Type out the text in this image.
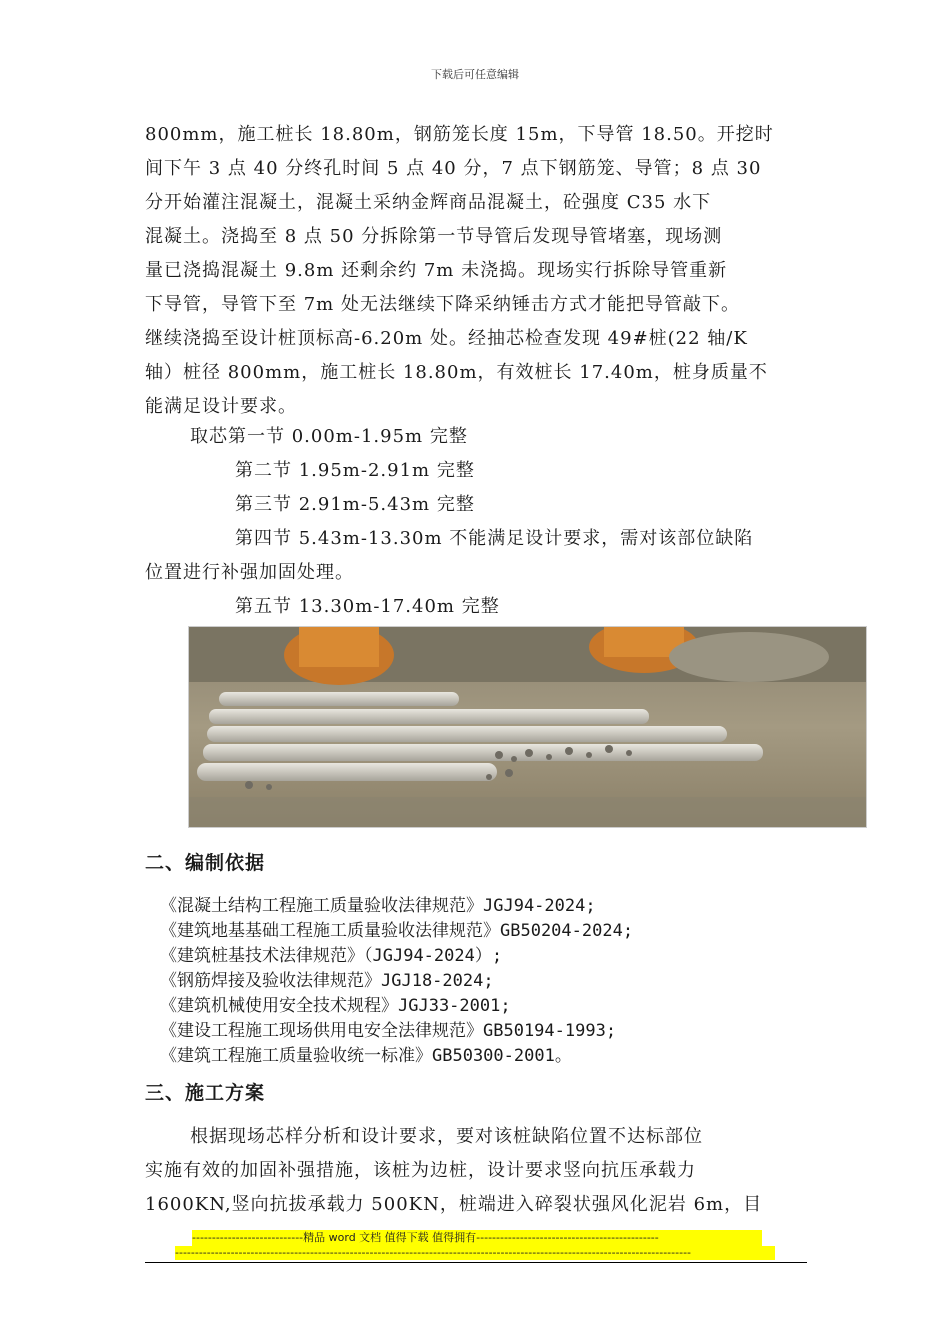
下载后可任意编辑
800mm，施工桩长 18.80m，钢筋笼长度 15m，下导管 18.50。开挖时
间下午 3 点 40 分终孔时间 5 点 40 分，7 点下钢筋笼、导管；8 点 30
分开始灌注混凝土，混凝土采纳金辉商品混凝土，砼强度 C35 水下
混凝土。浇捣至 8 点 50 分拆除第一节导管后发现导管堵塞，现场测
量已浇捣混凝土 9.8m 还剩余约 7m 未浇捣。现场实行拆除导管重新
下导管，导管下至 7m 处无法继续下降采纳锤击方式才能把导管敲下。
继续浇捣至设计桩顶标高-6.20m 处。经抽芯检查发现 49#桩(22 轴/K
轴）桩径 800mm，施工桩长 18.80m，有效桩长 17.40m，桩身质量不
能满足设计要求。
取芯第一节 0.00m-1.95m 完整
第二节 1.95m-2.91m 完整
第三节 2.91m-5.43m 完整
第四节 5.43m-13.30m 不能满足设计要求，需对该部位缺陷
位置进行补强加固处理。
第五节 13.30m-17.40m 完整
二、编制依据
《混凝土结构工程施工质量验收法律规范》JGJ94-2024;
《建筑地基基础工程施工质量验收法律规范》GB50204-2024;
《建筑桩基技术法律规范》（JGJ94-2024）;
《钢筋焊接及验收法律规范》JGJ18-2024;
《建筑机械使用安全技术规程》JGJ33-2001;
《建设工程施工现场供用电安全法律规范》GB50194-1993;
《建筑工程施工质量验收统一标准》GB50300-2001。
三、施工方案
根据现场芯样分析和设计要求，要对该桩缺陷位置不达标部位
实施有效的加固补强措施，该桩为边桩，设计要求竖向抗压承载力
1600KN,竖向抗拔承载力 500KN，桩端进入碎裂状强风化泥岩 6m，目
----------------------------精品 word 文档 值得下载 值得拥有----------------------------------------------
----------------------------------------------------------------------------------------------------------------------------------
